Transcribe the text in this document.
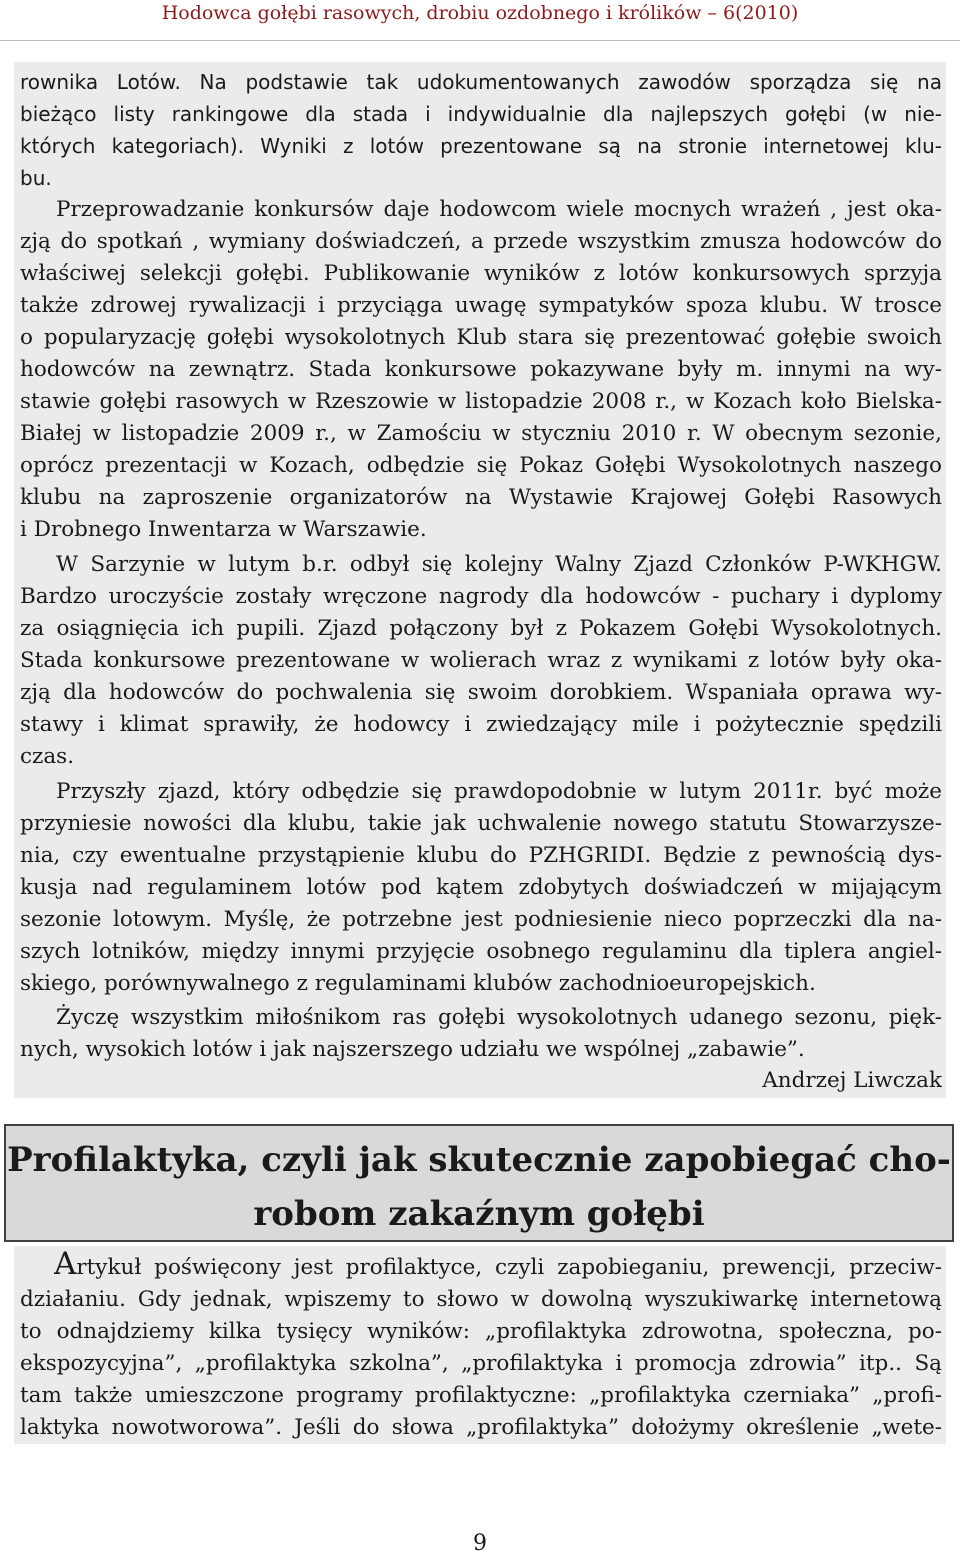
Hodowca gołębi rasowych, drobiu ozdobnego i królików – 6(2010)
rownika Lotów. Na podstawie tak udokumentowanych zawodów sporządza się na
bieżąco listy rankingowe dla stada i indywidualnie dla najlepszych gołębi (w nie-
których kategoriach). Wyniki z lotów prezentowane są na stronie internetowej klu-
bu.
Przeprowadzanie konkursów daje hodowcom wiele mocnych wrażeń , jest oka-
zją do spotkań , wymiany doświadczeń, a przede wszystkim zmusza hodowców do
właściwej selekcji gołębi. Publikowanie wyników z lotów konkursowych sprzyja
także zdrowej rywalizacji i przyciąga uwagę sympatyków spoza klubu. W trosce
o popularyzację gołębi wysokolotnych Klub stara się prezentować gołębie swoich
hodowców na zewnątrz. Stada konkursowe pokazywane były m. innymi na wy-
stawie gołębi rasowych w Rzeszowie w listopadzie 2008 r., w Kozach koło Bielska-
Białej w listopadzie 2009 r., w Zamościu w styczniu 2010 r. W obecnym sezonie,
oprócz prezentacji w Kozach, odbędzie się Pokaz Gołębi Wysokolotnych naszego
klubu na zaproszenie organizatorów na Wystawie Krajowej Gołębi Rasowych
i Drobnego Inwentarza w Warszawie.
W Sarzynie w lutym b.r. odbył się kolejny Walny Zjazd Członków P-WKHGW.
Bardzo uroczyście zostały wręczone nagrody dla hodowców - puchary i dyplomy
za osiągnięcia ich pupili. Zjazd połączony był z Pokazem Gołębi Wysokolotnych.
Stada konkursowe prezentowane w wolierach wraz z wynikami z lotów były oka-
zją dla hodowców do pochwalenia się swoim dorobkiem. Wspaniała oprawa wy-
stawy i klimat sprawiły, że hodowcy i zwiedzający mile i pożytecznie spędzili
czas.
Przyszły zjazd, który odbędzie się prawdopodobnie w lutym 2011r. być może
przyniesie nowości dla klubu, takie jak uchwalenie nowego statutu Stowarzysze-
nia, czy ewentualne przystąpienie klubu do PZHGRIDI. Będzie z pewnością dys-
kusja nad regulaminem lotów pod kątem zdobytych doświadczeń w mijającym
sezonie lotowym. Myślę, że potrzebne jest podniesienie nieco poprzeczki dla na-
szych lotników, między innymi przyjęcie osobnego regulaminu dla tiplera angiel-
skiego, porównywalnego z regulaminami klubów zachodnioeuropejskich.
Życzę wszystkim miłośnikom ras gołębi wysokolotnych udanego sezonu, pięk-
nych, wysokich lotów i jak najszerszego udziału we wspólnej „zabawie”.
Andrzej Liwczak
Profilaktyka, czyli jak skutecznie zapobiegać cho-
robom zakaźnym gołębi
Artykuł poświęcony jest profilaktyce, czyli zapobieganiu, prewencji, przeciw-
działaniu. Gdy jednak, wpiszemy to słowo w dowolną wyszukiwarkę internetową
to odnajdziemy kilka tysięcy wyników: „profilaktyka zdrowotna, społeczna, po-
ekspozycyjna”, „profilaktyka szkolna”, „profilaktyka i promocja zdrowia” itp.. Są
tam także umieszczone programy profilaktyczne: „profilaktyka czerniaka” „profi-
laktyka nowotworowa”. Jeśli do słowa „profilaktyka” dołożymy określenie „wete-
9
